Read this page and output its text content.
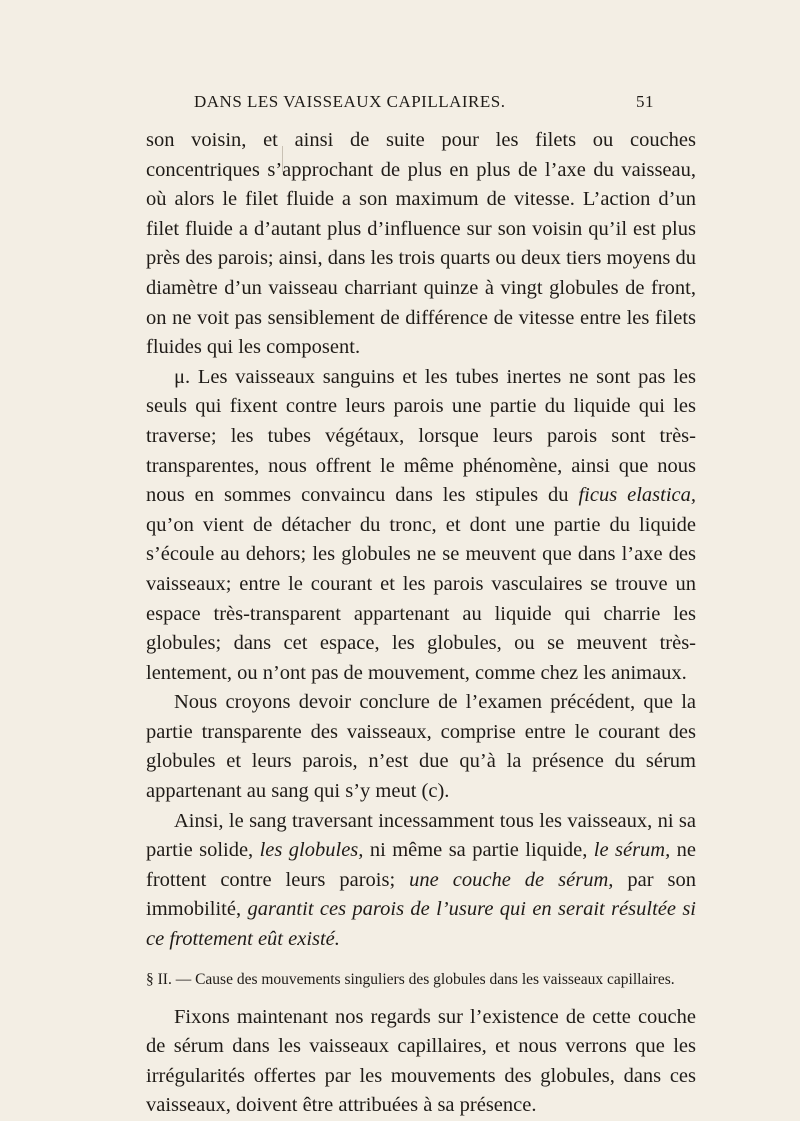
DANS LES VAISSEAUX CAPILLAIRES.	51

son voisin, et ainsi de suite pour les filets ou couches concentriques s’approchant de plus en plus de l’axe du vaisseau, où alors le filet fluide a son maximum de vitesse. L’action d’un filet fluide a d’autant plus d’influence sur son voisin qu’il est plus près des parois; ainsi, dans les trois quarts ou deux tiers moyens du diamètre d’un vaisseau charriant quinze à vingt globules de front, on ne voit pas sensiblement de différence de vitesse entre les filets fluides qui les composent.

μ. Les vaisseaux sanguins et les tubes inertes ne sont pas les seuls qui fixent contre leurs parois une partie du liquide qui les traverse; les tubes végétaux, lorsque leurs parois sont très-transparentes, nous offrent le même phénomène, ainsi que nous nous en sommes convaincu dans les stipules du ficus elastica, qu’on vient de détacher du tronc, et dont une partie du liquide s’écoule au dehors; les globules ne se meuvent que dans l’axe des vaisseaux; entre le courant et les parois vasculaires se trouve un espace très-transparent appartenant au liquide qui charrie les globules; dans cet espace, les globules, ou se meuvent très-lentement, ou n’ont pas de mouvement, comme chez les animaux.

Nous croyons devoir conclure de l’examen précédent, que la partie transparente des vaisseaux, comprise entre le courant des globules et leurs parois, n’est due qu’à la présence du sérum appartenant au sang qui s’y meut (c).

Ainsi, le sang traversant incessamment tous les vaisseaux, ni sa partie solide, les globules, ni même sa partie liquide, le sérum, ne frottent contre leurs parois; une couche de sérum, par son immobilité, garantit ces parois de l’usure qui en serait résultée si ce frottement eût existé.

§ II. — Cause des mouvements singuliers des globules dans les vaisseaux capillaires.

Fixons maintenant nos regards sur l’existence de cette couche de sérum dans les vaisseaux capillaires, et nous verrons que les irrégularités offertes par les mouvements des globules, dans ces vaisseaux, doivent être attribuées à sa présence.
